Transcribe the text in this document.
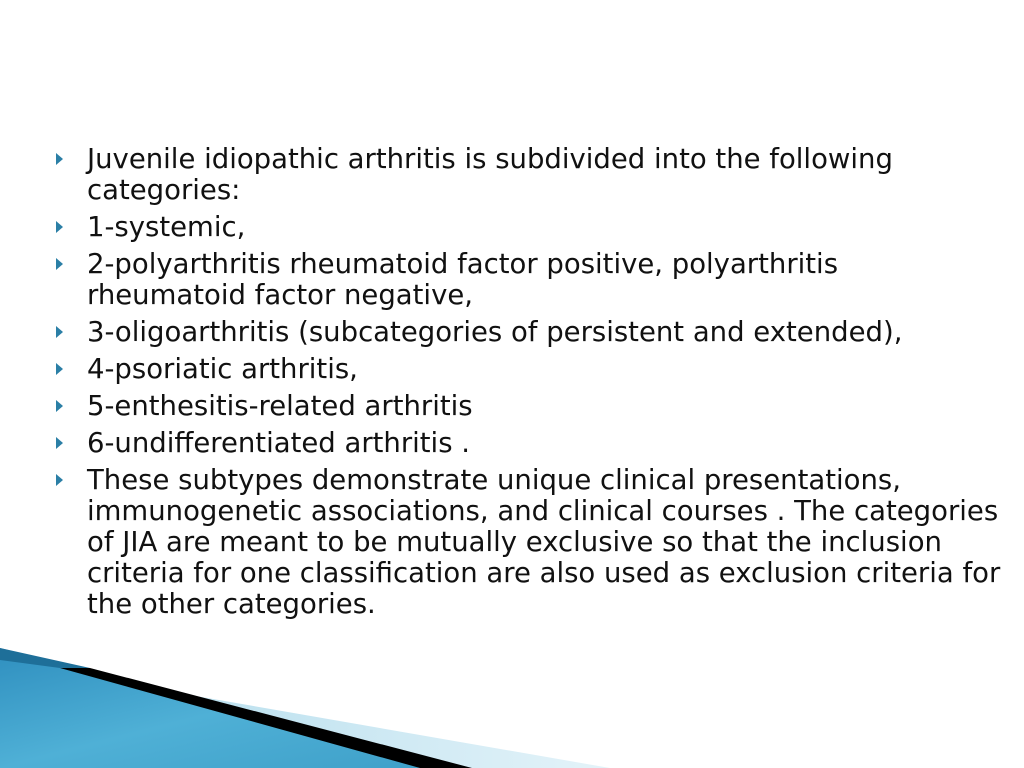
Juvenile idiopathic arthritis is subdivided into the following categories:
1-systemic,
2-polyarthritis rheumatoid factor positive, polyarthritis rheumatoid factor negative,
3-oligoarthritis (subcategories of persistent and extended),
4-psoriatic arthritis,
5-enthesitis-related arthritis
6-undifferentiated arthritis .
These subtypes demonstrate unique clinical presentations, immunogenetic associations, and clinical courses . The categories of JIA are meant to be mutually exclusive so that the inclusion criteria for one classification are also used as exclusion criteria for the other categories.
